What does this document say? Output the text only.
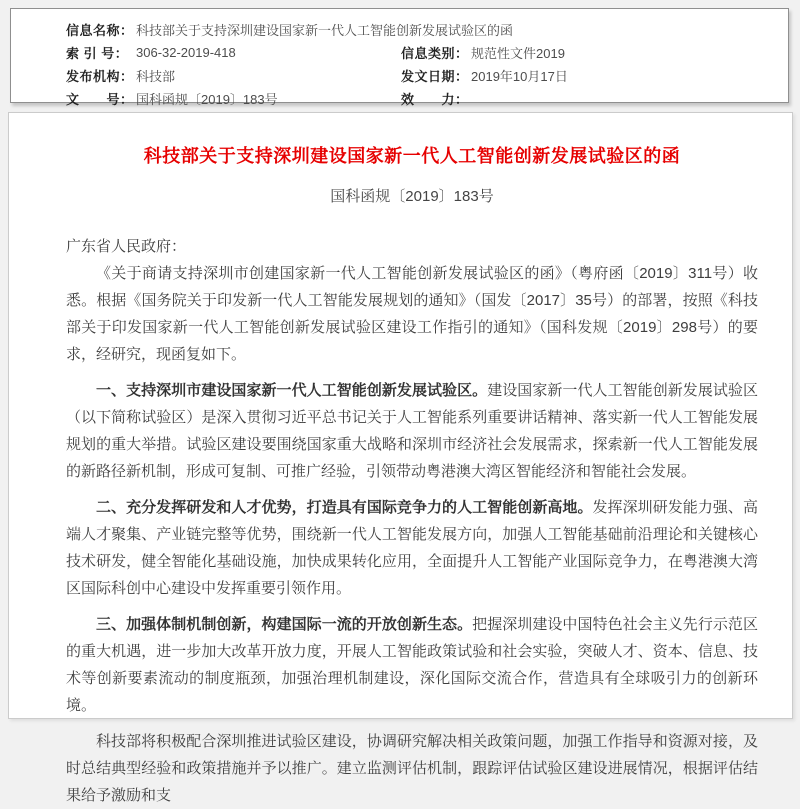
信息名称： 科技部关于支持深圳建设国家新一代人工智能创新发展试验区的函
索 引 号： 306-32-2019-418	信息类别： 规范性文件2019
发布机构： 科技部	发文日期： 2019年10月17日
文　　号： 国科函规〔2019〕183号	效　　力：
科技部关于支持深圳建设国家新一代人工智能创新发展试验区的函
国科函规〔2019〕183号

广东省人民政府：

《关于商请支持深圳市创建国家新一代人工智能创新发展试验区的函》（粤府函〔2019〕311号）收悉。根据《国务院关于印发新一代人工智能发展规划的通知》（国发〔2017〕35号）的部署，按照《科技部关于印发国家新一代人工智能创新发展试验区建设工作指引的通知》（国科发规〔2019〕298号）的要求，经研究，现函复如下。

一、支持深圳市建设国家新一代人工智能创新发展试验区。建设国家新一代人工智能创新发展试验区（以下简称试验区）是深入贯彻习近平总书记关于人工智能系列重要讲话精神、落实新一代人工智能发展规划的重大举措。试验区建设要围绕国家重大战略和深圳市经济社会发展需求，探索新一代人工智能发展的新路径新机制，形成可复制、可推广经验，引领带动粤港澳大湾区智能经济和智能社会发展。

二、充分发挥研发和人才优势，打造具有国际竞争力的人工智能创新高地。发挥深圳研发能力强、高端人才聚集、产业链完整等优势，围绕新一代人工智能发展方向，加强人工智能基础前沿理论和关键核心技术研发，健全智能化基础设施，加快成果转化应用，全面提升人工智能产业国际竞争力，在粤港澳大湾区国际科创中心建设中发挥重要引领作用。

三、加强体制机制创新，构建国际一流的开放创新生态。把握深圳建设中国特色社会主义先行示范区的重大机遇，进一步加大改革开放力度，开展人工智能政策试验和社会实验，突破人才、资本、信息、技术等创新要素流动的制度瓶颈，加强治理机制建设，深化国际交流合作，营造具有全球吸引力的创新环境。

科技部将积极配合深圳推进试验区建设，协调研究解决相关政策问题，加强工作指导和资源对接，及时总结典型经验和政策措施并予以推广。建立监测评估机制，跟踪评估试验区建设进展情况，根据评估结果给予激励和支
